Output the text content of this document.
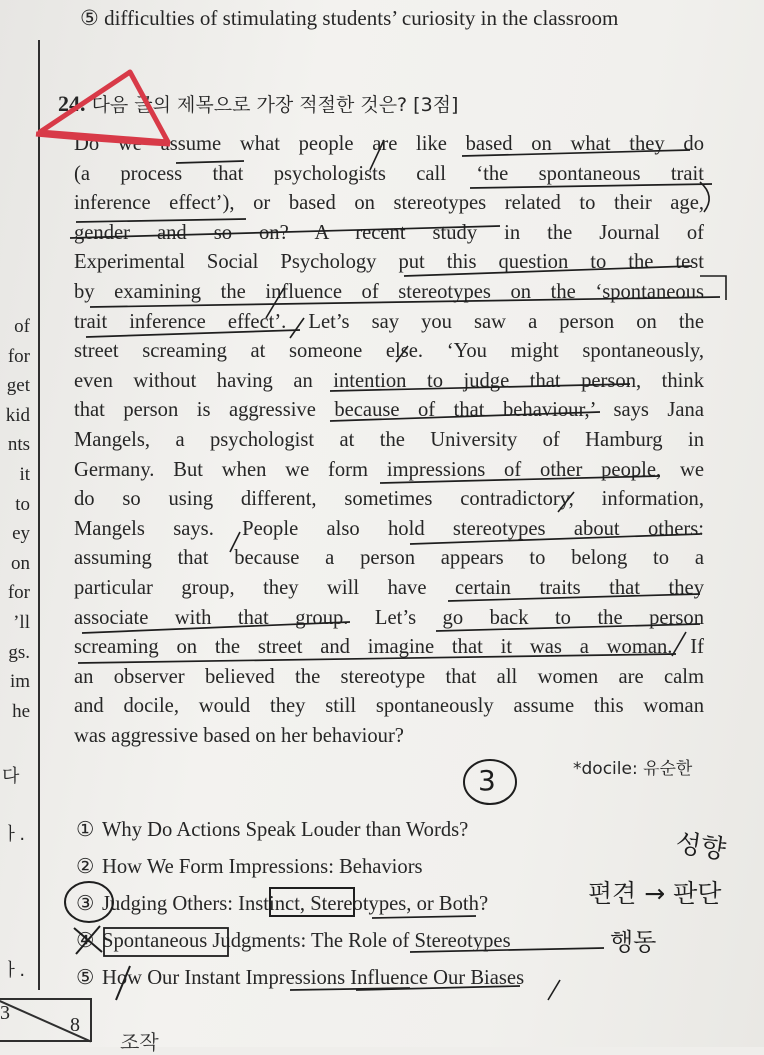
⑤ difficulties of stimulating students’ curiosity in the classroom
24. 다음 글의 제목으로 가장 적절한 것은? [3점]
Do we assume what people are like based on what they do
(a process that psychologists call ‘the spontaneous trait
inference effect’), or based on stereotypes related to their age,
gender and so on? A recent study in the Journal of
Experimental Social Psychology put this question to the test
by examining the influence of stereotypes on the ‘spontaneous
trait inference effect’. Let’s say you saw a person on the
street screaming at someone else. ‘You might spontaneously,
even without having an intention to judge that person, think
that person is aggressive because of that behaviour,’ says Jana
Mangels, a psychologist at the University of Hamburg in
Germany. But when we form impressions of other people, we
do so using different, sometimes contradictory, information,
Mangels says. People also hold stereotypes about others:
assuming that because a person appears to belong to a
particular group, they will have certain traits that they
associate with that group. Let’s go back to the person
screaming on the street and imagine that it was a woman. If
an observer believed the stereotype that all women are calm
and docile, would they still spontaneously assume this woman
was aggressive based on her behaviour?
*docile: 유순한
① Why Do Actions Speak Louder than Words?
② How We Form Impressions: Behaviors
③ Judging Others: Instinct, Stereotypes, or Both?
④ Spontaneous Judgments: The Role of Stereotypes
⑤ How Our Instant Impressions Influence Our Biases
of
for
get
kid
nts
it
to
ey
on
for
’ll
gs.
im
he
다
ㅏ.
ㅏ.
3
8
3
성향
편견 → 판단
행동
조작
